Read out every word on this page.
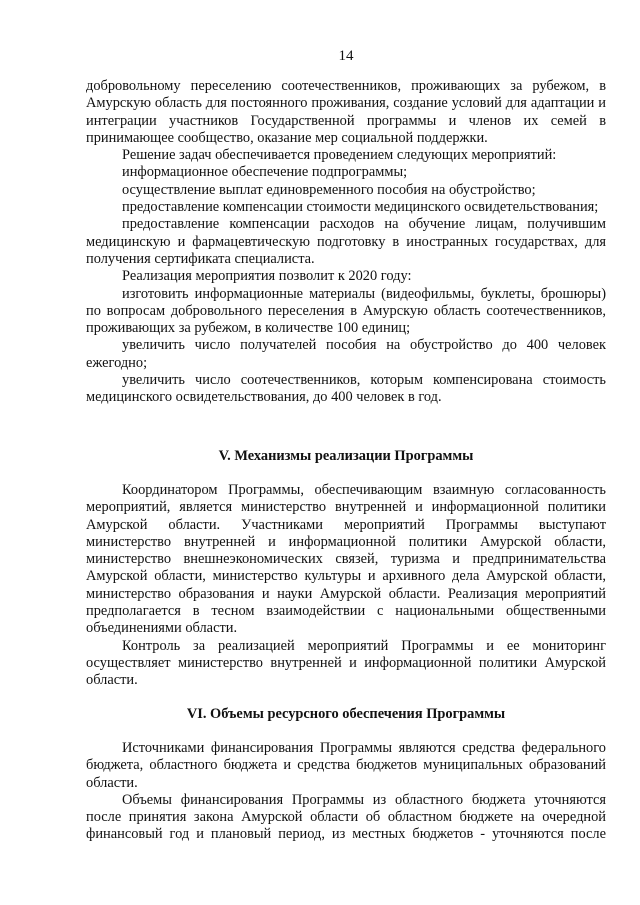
14

добровольному переселению соотечественников, проживающих за рубежом, в Амурскую область для постоянного проживания, создание условий для адаптации и интеграции участников Государственной программы и членов их семей в принимающее сообщество, оказание мер социальной поддержки.

Решение задач обеспечивается проведением следующих мероприятий:

информационное обеспечение подпрограммы;

осуществление выплат единовременного пособия на обустройство;

предоставление компенсации стоимости медицинского освидетельствования;

предоставление компенсации расходов на обучение лицам, получившим медицинскую и фармацевтическую подготовку в иностранных государствах, для получения сертификата специалиста.

Реализация мероприятия позволит к 2020 году:

изготовить информационные материалы (видеофильмы, буклеты, брошюры) по вопросам добровольного переселения в Амурскую область соотечественников, проживающих за рубежом, в количестве 100 единиц;

увеличить число получателей пособия на обустройство до 400 человек ежегодно;

увеличить число соотечественников, которым компенсирована стоимость медицинского освидетельствования, до 400 человек в год.

V. Механизмы реализации Программы

Координатором Программы, обеспечивающим взаимную согласованность мероприятий, является министерство внутренней и информационной политики Амурской области. Участниками мероприятий Программы выступают министерство внутренней и информационной политики Амурской области, министерство внешнеэкономических связей, туризма и предпринимательства Амурской области, министерство культуры и архивного дела Амурской области, министерство образования и науки Амурской области. Реализация мероприятий предполагается в тесном взаимодействии с национальными общественными объединениями области.

Контроль за реализацией мероприятий Программы и ее мониторинг осуществляет министерство внутренней и информационной политики Амурской области.

VI. Объемы ресурсного обеспечения Программы

Источниками финансирования Программы являются средства федерального бюджета, областного бюджета и средства бюджетов муниципальных образований области.

Объемы финансирования Программы из областного бюджета уточняются после принятия закона Амурской области об областном бюджете на очередной финансовый год и плановый период, из местных бюджетов - уточняются после
